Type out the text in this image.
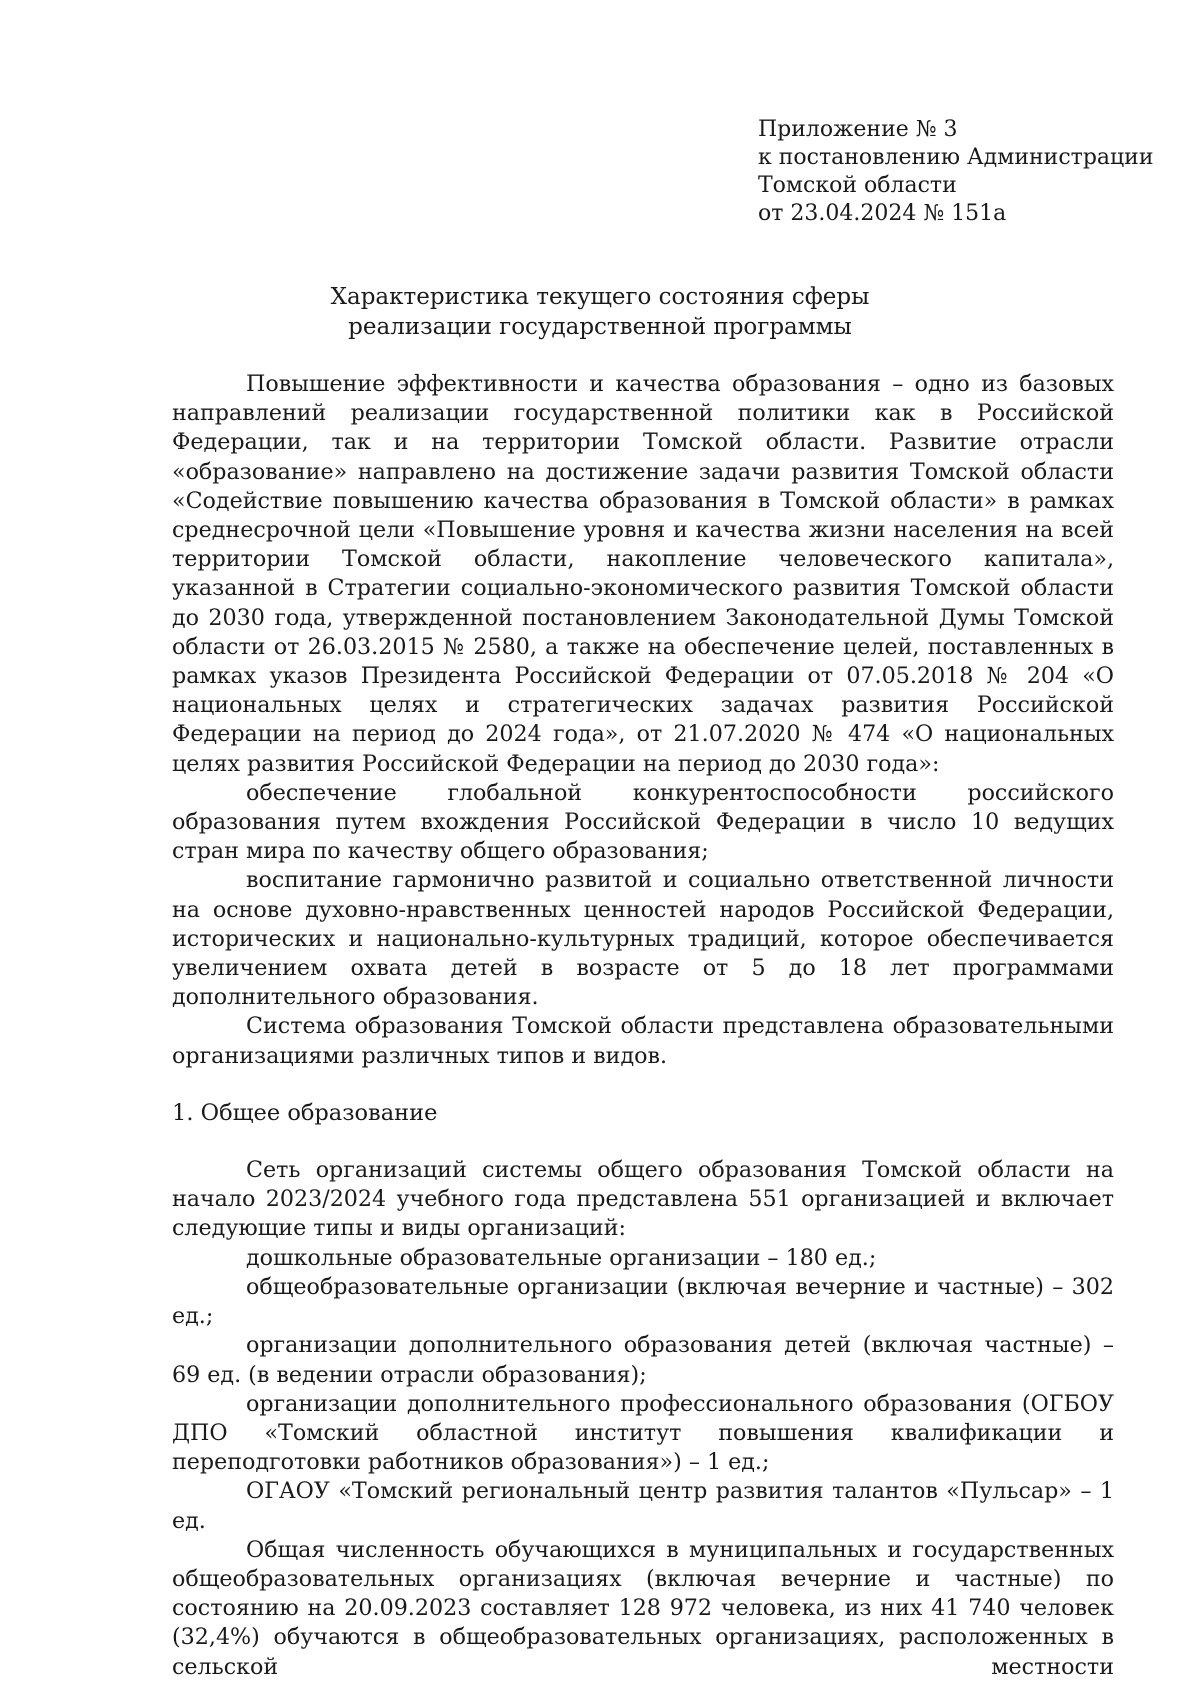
Приложение № 3
к постановлению Администрации
Томской области
от 23.04.2024 № 151а
Характеристика текущего состояния сферы
реализации государственной программы

Повышение эффективности и качества образования – одно из базовых направлений реализации государственной политики как в Российской Федерации, так и на территории Томской области. Развитие отрасли «образование» направлено на достижение задачи развития Томской области «Содействие повышению качества образования в Томской области» в рамках среднесрочной цели «Повышение уровня и качества жизни населения на всей территории Томской области, накопление человеческого капитала», указанной в Стратегии социально-экономического развития Томской области до 2030 года, утвержденной постановлением Законодательной Думы Томской области от 26.03.2015 № 2580, а также на обеспечение целей, поставленных в рамках указов Президента Российской Федерации от 07.05.2018 № 204 «О национальных целях и стратегических задачах развития Российской Федерации на период до 2024 года», от 21.07.2020 № 474 «О национальных целях развития Российской Федерации на период до 2030 года»:

обеспечение глобальной конкурентоспособности российского образования путем вхождения Российской Федерации в число 10 ведущих стран мира по качеству общего образования;

воспитание гармонично развитой и социально ответственной личности на основе духовно-нравственных ценностей народов Российской Федерации, исторических и национально-культурных традиций, которое обеспечивается увеличением охвата детей в возрасте от 5 до 18 лет программами дополнительного образования.

Система образования Томской области представлена образовательными организациями различных типов и видов.

1. Общее образование

Сеть организаций системы общего образования Томской области на начало 2023/2024 учебного года представлена 551 организацией и включает следующие типы и виды организаций:

дошкольные образовательные организации – 180 ед.;

общеобразовательные организации (включая вечерние и частные) – 302 ед.;

организации дополнительного образования детей (включая частные) – 69 ед. (в ведении отрасли образования);

организации дополнительного профессионального образования (ОГБОУ ДПО «Томский областной институт повышения квалификации и переподготовки работников образования») – 1 ед.;

ОГАОУ «Томский региональный центр развития талантов «Пульсар» – 1 ед.

Общая численность обучающихся в муниципальных и государственных общеобразовательных организациях (включая вечерние и частные) по состоянию на 20.09.2023 составляет 128 972 человека, из них 41 740 человек (32,4%) обучаются в общеобразовательных организациях, расположенных в сельской местности
